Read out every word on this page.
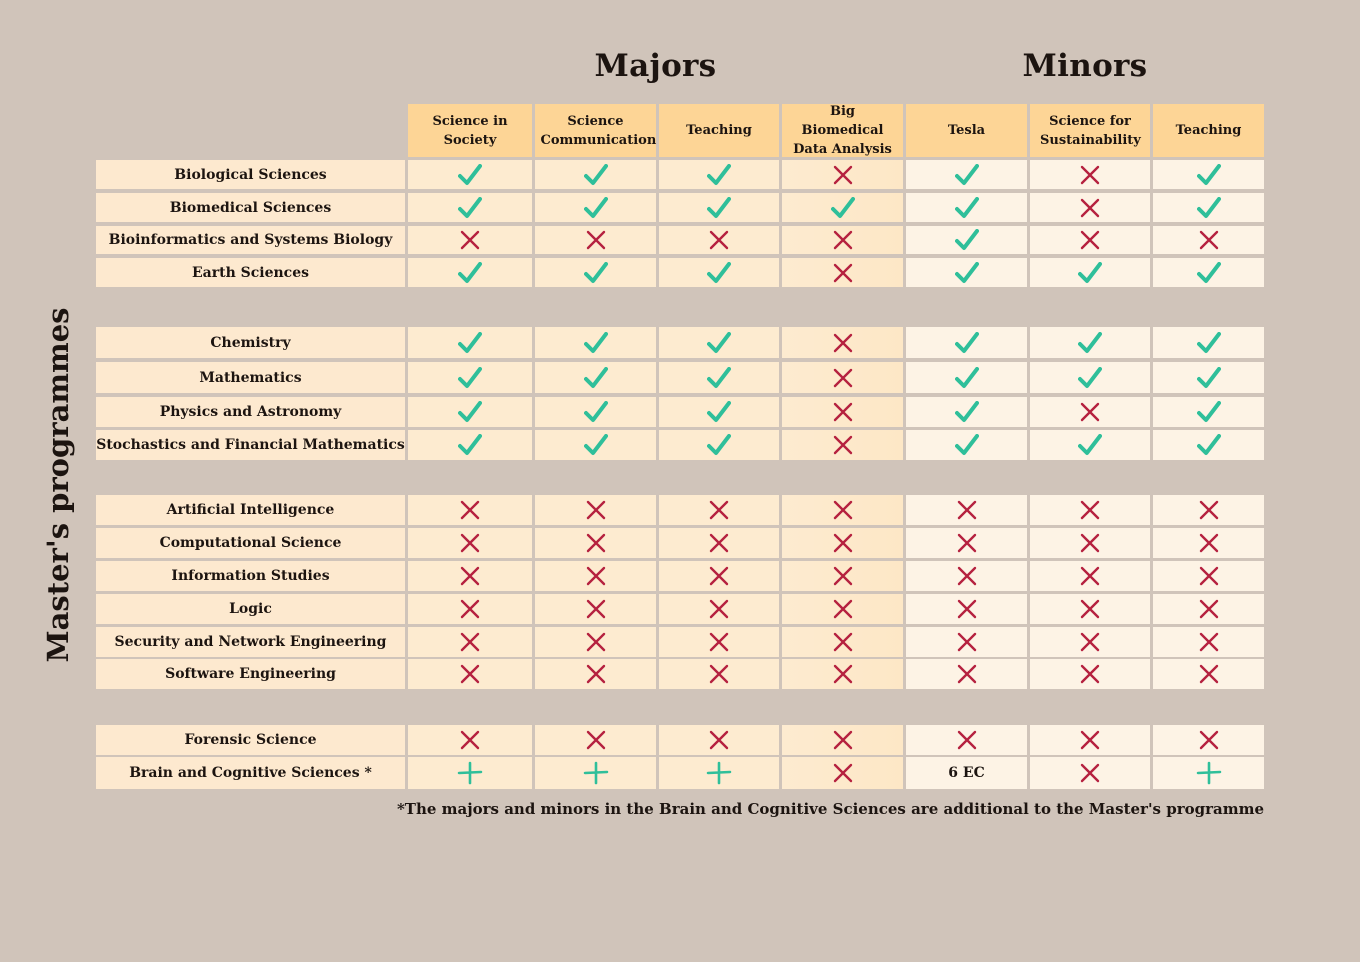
Majors	Minors
Master's programmes
Science in Society
Science Communication
Teaching
Big Biomedical Data Analysis
Tesla
Science for Sustainability
Teaching
Biological Sciences
Biomedical Sciences
Bioinformatics and Systems Biology
Earth Sciences
Chemistry
Mathematics
Physics and Astronomy
Stochastics and Financial Mathematics
Artificial Intelligence
Computational Science
Information Studies
Logic
Security and Network Engineering
Software Engineering
Forensic Science
Brain and Cognitive Sciences *	6 EC
*The majors and minors in the Brain and Cognitive Sciences are additional to the Master's programme
